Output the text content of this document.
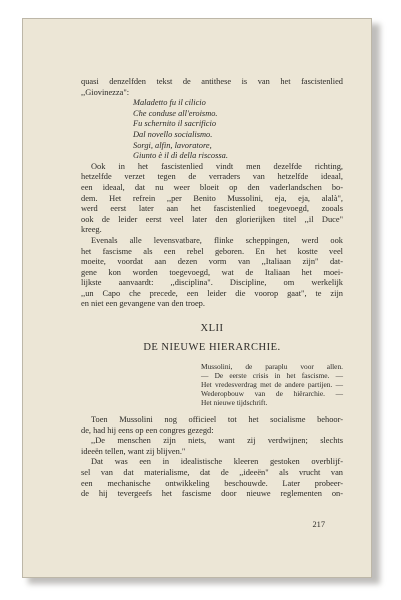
quasi denzelfden tekst de antithese is van het fascistenlied
,,Giovinezza":
Maladetto fu il cilicio
Che conduse all'eroismo.
Fu schernito il sacrificio
Dal novello socialismo.
Sorgi, alfin, lavoratore,
Giunto è il dì della riscossa.
Ook in het fascistenlied vindt men dezelfde richting,
hetzelfde verzet tegen de verraders van hetzelfde ideaal,
een ideaal, dat nu weer bloeit op den vaderlandschen bo-
dem. Het refrein ,,per Benito Mussolini, eja, eja, alalà",
werd eerst later aan het fascistenlied toegevoegd, zooals
ook de leider eerst veel later den glorierijken titel ,,il Duce"
kreeg.
Evenals alle levensvatbare, flinke scheppingen, werd ook
het fascisme als een rebel geboren. En het kostte veel
moeite, voordat aan dezen vorm van ,,Italiaan zijn" dat-
gene kon worden toegevoegd, wat de Italiaan het moei-
lijkste aanvaardt: ,,disciplina". Discipline, om werkelijk
,,un Capo che precede, een leider die voorop gaat", te zijn
en niet een gevangene van den troep.
XLII
DE NIEUWE HIERARCHIE.
Mussolini, de paraplu voor allen.
— De eerste crisis in het fascisme. —
Het vredesverdrag met de andere partijen. —
Wederopbouw van de hiërarchie. —
Het nieuwe tijdschrift.
Toen Mussolini nog officieel tot het socialisme behoor-
de, had hij eens op een congres gezegd:
,,De menschen zijn niets, want zij verdwijnen; slechts
ideeën tellen, want zij blijven."
Dat was een in idealistische kleeren gestoken overblijf-
sel van dat materialisme, dat de ,,ideeën" als vrucht van
een mechanische ontwikkeling beschouwde. Later probeer-
de hij tevergeefs het fascisme door nieuwe reglementen on-
217
